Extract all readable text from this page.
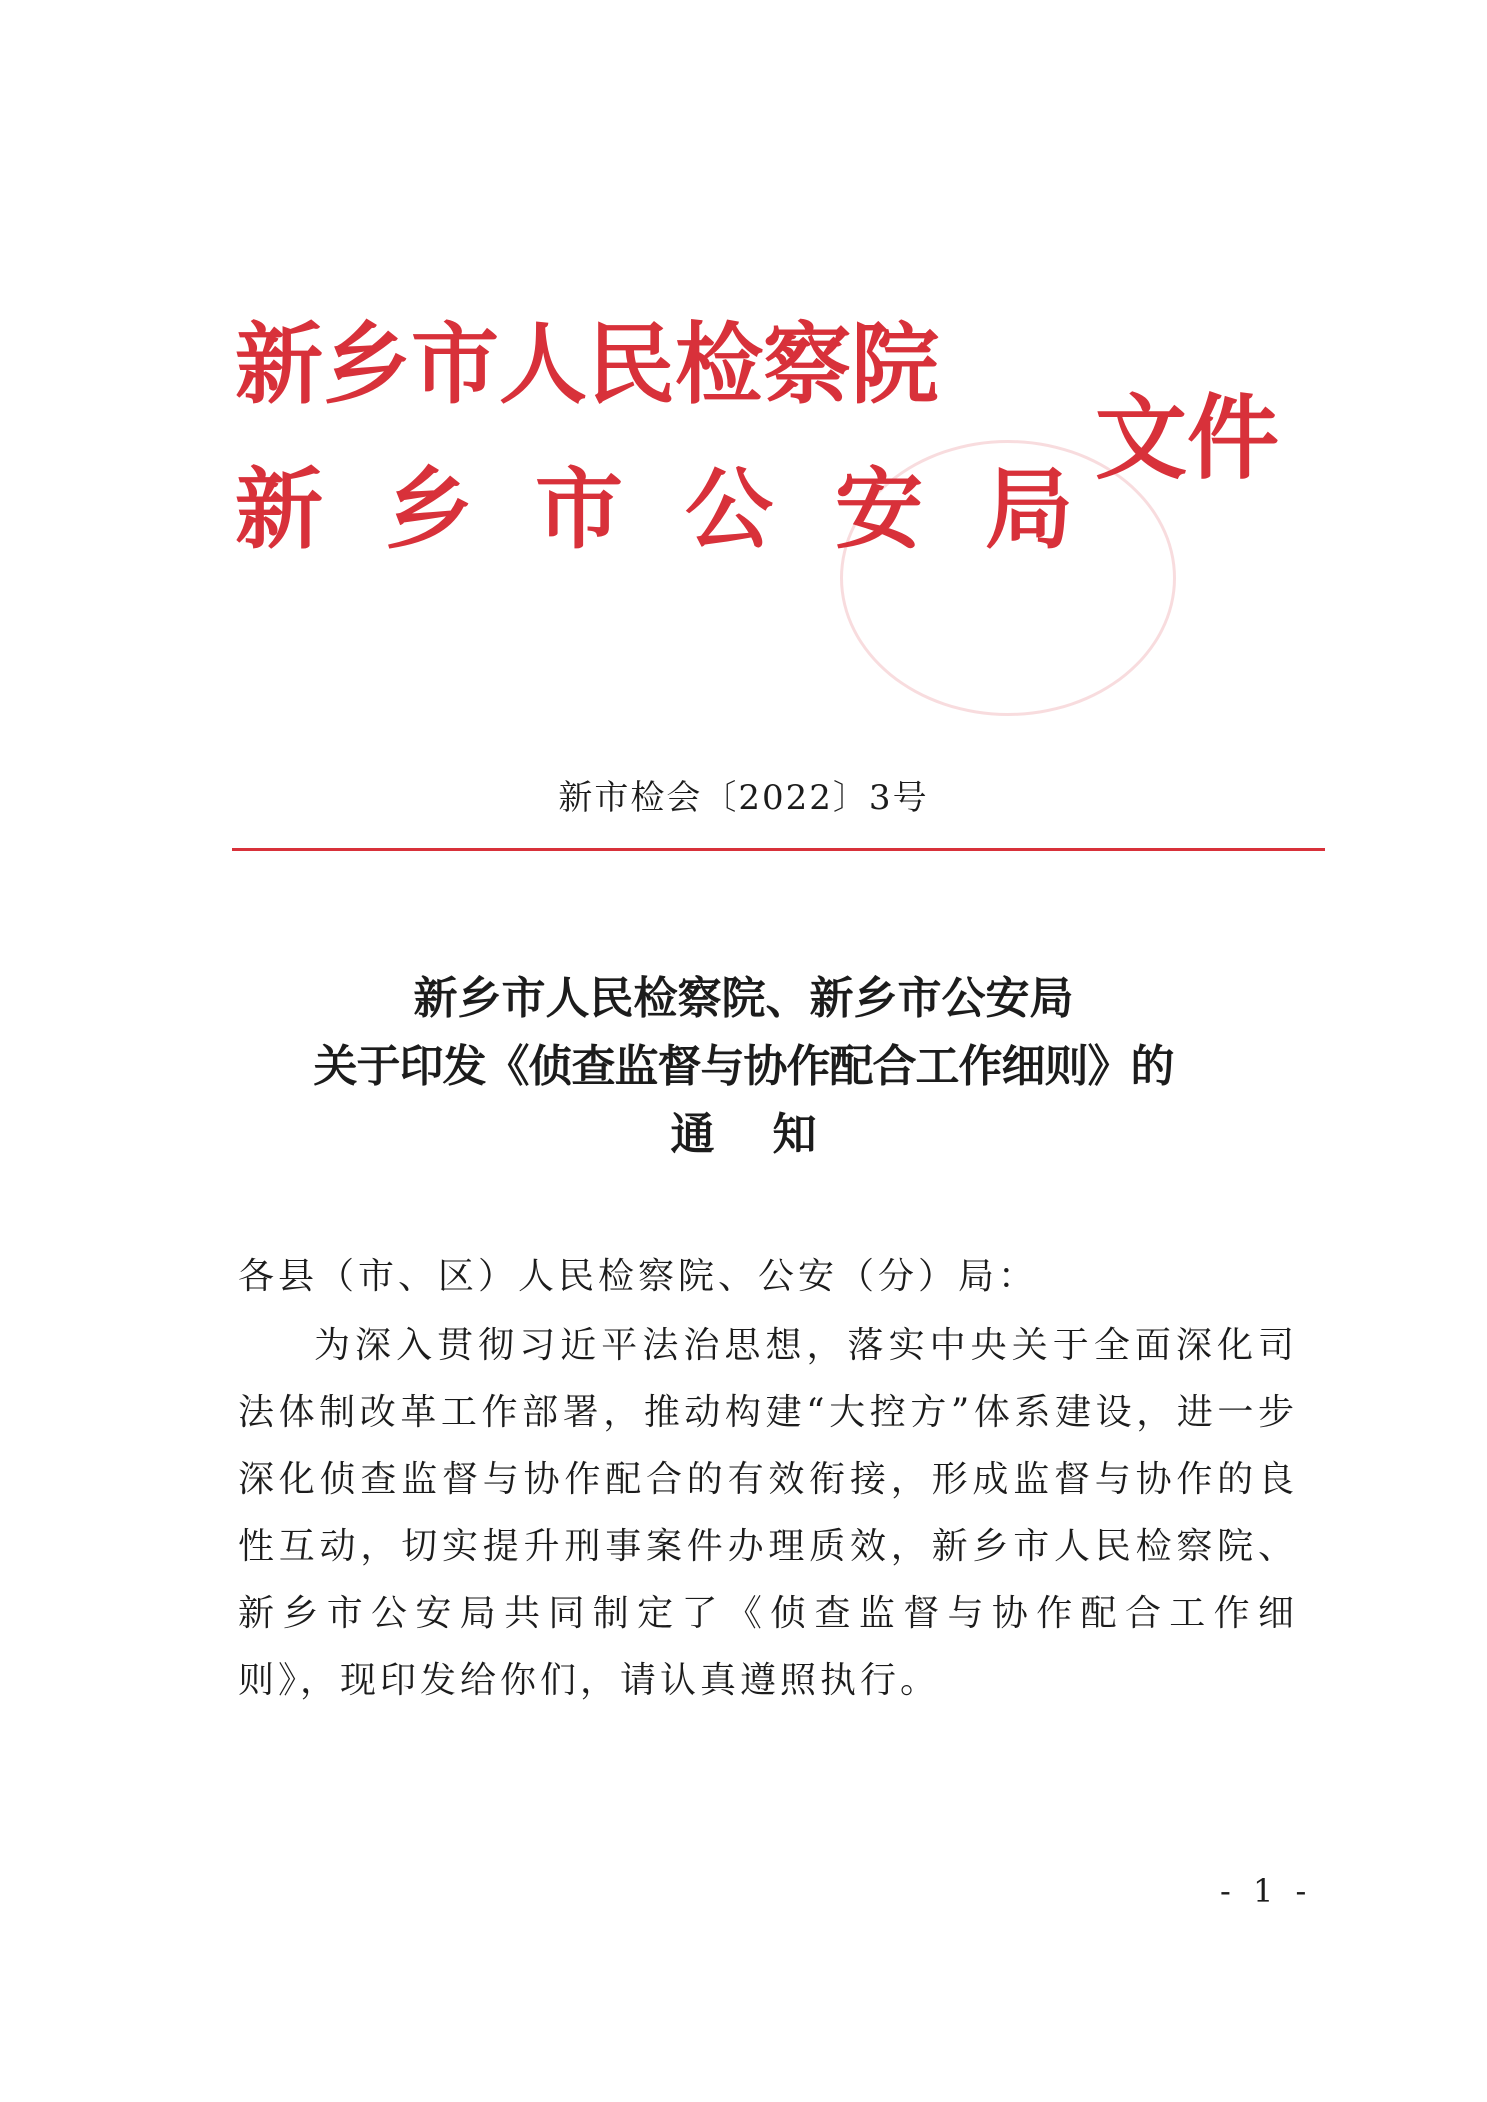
新乡市人民检察院
新乡市公安局
文件
新市检会〔2022〕3号
新乡市人民检察院、新乡市公安局
关于印发《侦查监督与协作配合工作细则》的
通知
各县（市、区）人民检察院、公安（分）局：
为深入贯彻习近平法治思想，落实中央关于全面深化司法体制改革工作部署，推动构建“大控方”体系建设，进一步深化侦查监督与协作配合的有效衔接，形成监督与协作的良性互动，切实提升刑事案件办理质效，新乡市人民检察院、新乡市公安局共同制定了《侦查监督与协作配合工作细则》，现印发给你们，请认真遵照执行。
- 1 -
